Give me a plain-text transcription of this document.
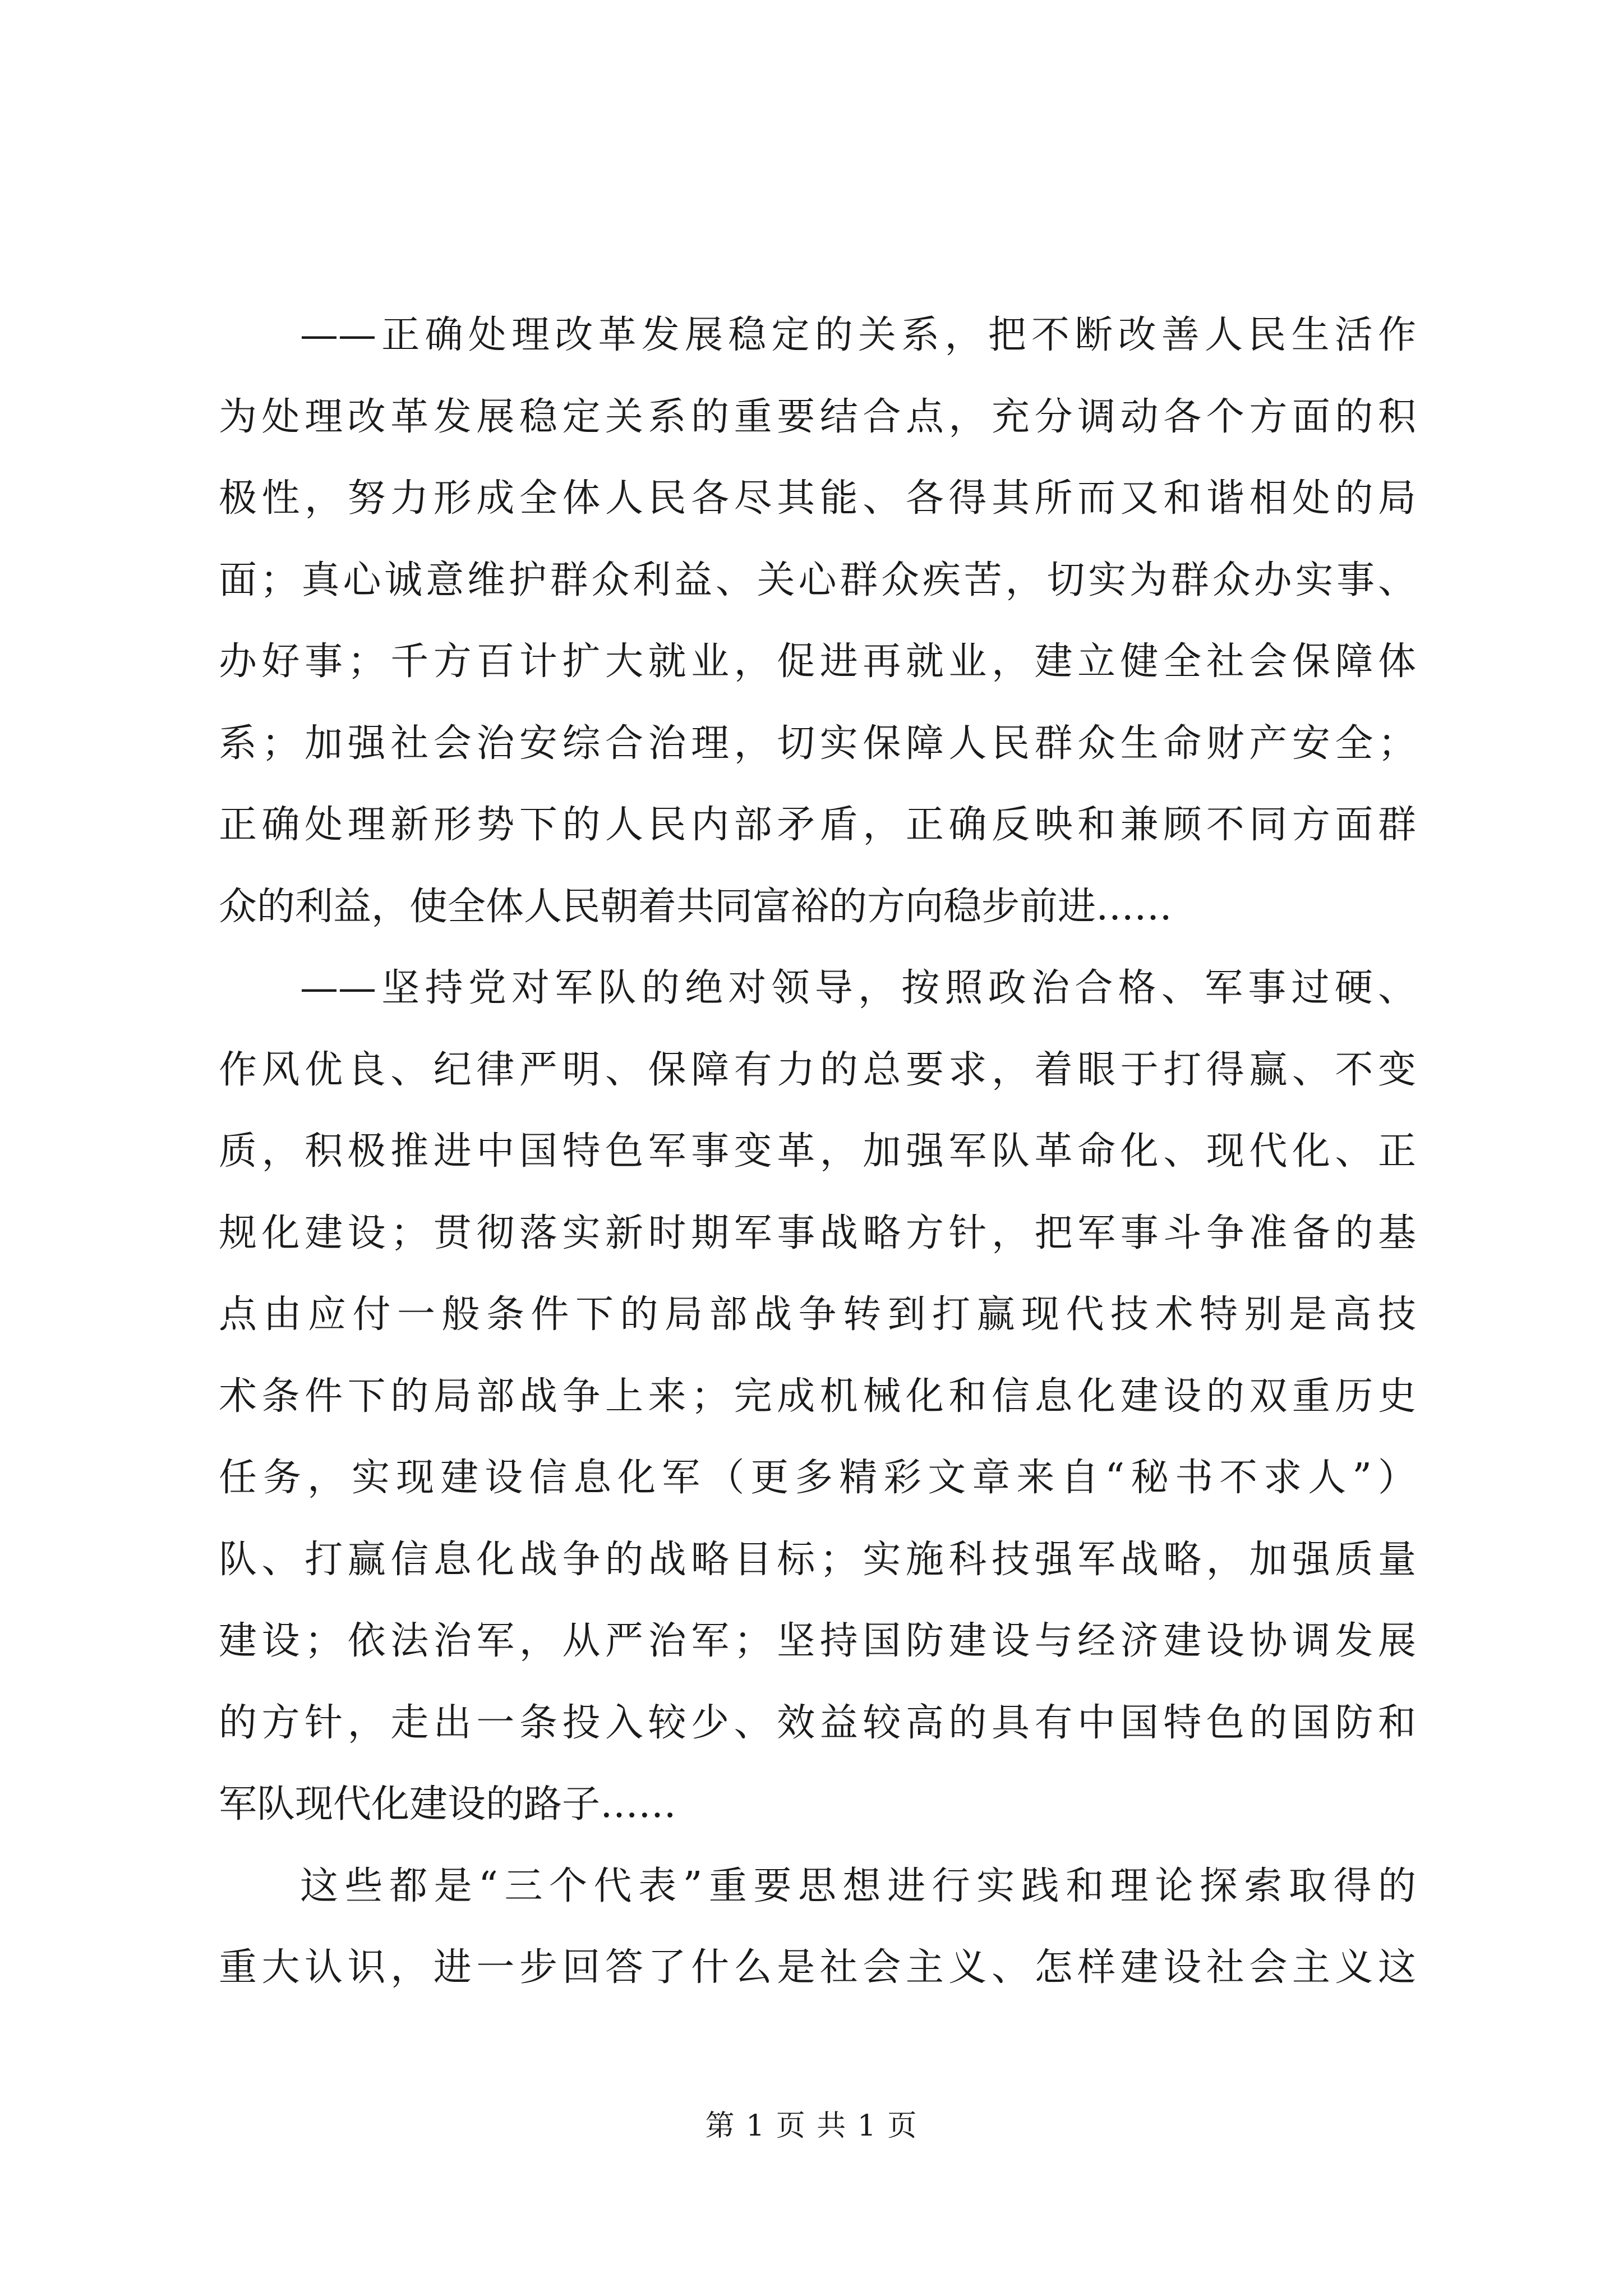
——正确处理改革发展稳定的关系，把不断改善人民生活作
为处理改革发展稳定关系的重要结合点，充分调动各个方面的积
极性，努力形成全体人民各尽其能、各得其所而又和谐相处的局
面；真心诚意维护群众利益、关心群众疾苦，切实为群众办实事、
办好事；千方百计扩大就业，促进再就业，建立健全社会保障体
系；加强社会治安综合治理，切实保障人民群众生命财产安全；
正确处理新形势下的人民内部矛盾，正确反映和兼顾不同方面群
众的利益，使全体人民朝着共同富裕的方向稳步前进……
——坚持党对军队的绝对领导，按照政治合格、军事过硬、
作风优良、纪律严明、保障有力的总要求，着眼于打得赢、不变
质，积极推进中国特色军事变革，加强军队革命化、现代化、正
规化建设；贯彻落实新时期军事战略方针，把军事斗争准备的基
点由应付一般条件下的局部战争转到打赢现代技术特别是高技
术条件下的局部战争上来；完成机械化和信息化建设的双重历史
任务，实现建设信息化军（更多精彩文章来自“秘书不求人”）
队、打赢信息化战争的战略目标；实施科技强军战略，加强质量
建设；依法治军，从严治军；坚持国防建设与经济建设协调发展
的方针，走出一条投入较少、效益较高的具有中国特色的国防和
军队现代化建设的路子……
这些都是“三个代表”重要思想进行实践和理论探索取得的
重大认识，进一步回答了什么是社会主义、怎样建设社会主义这
第 1 页 共 1 页
